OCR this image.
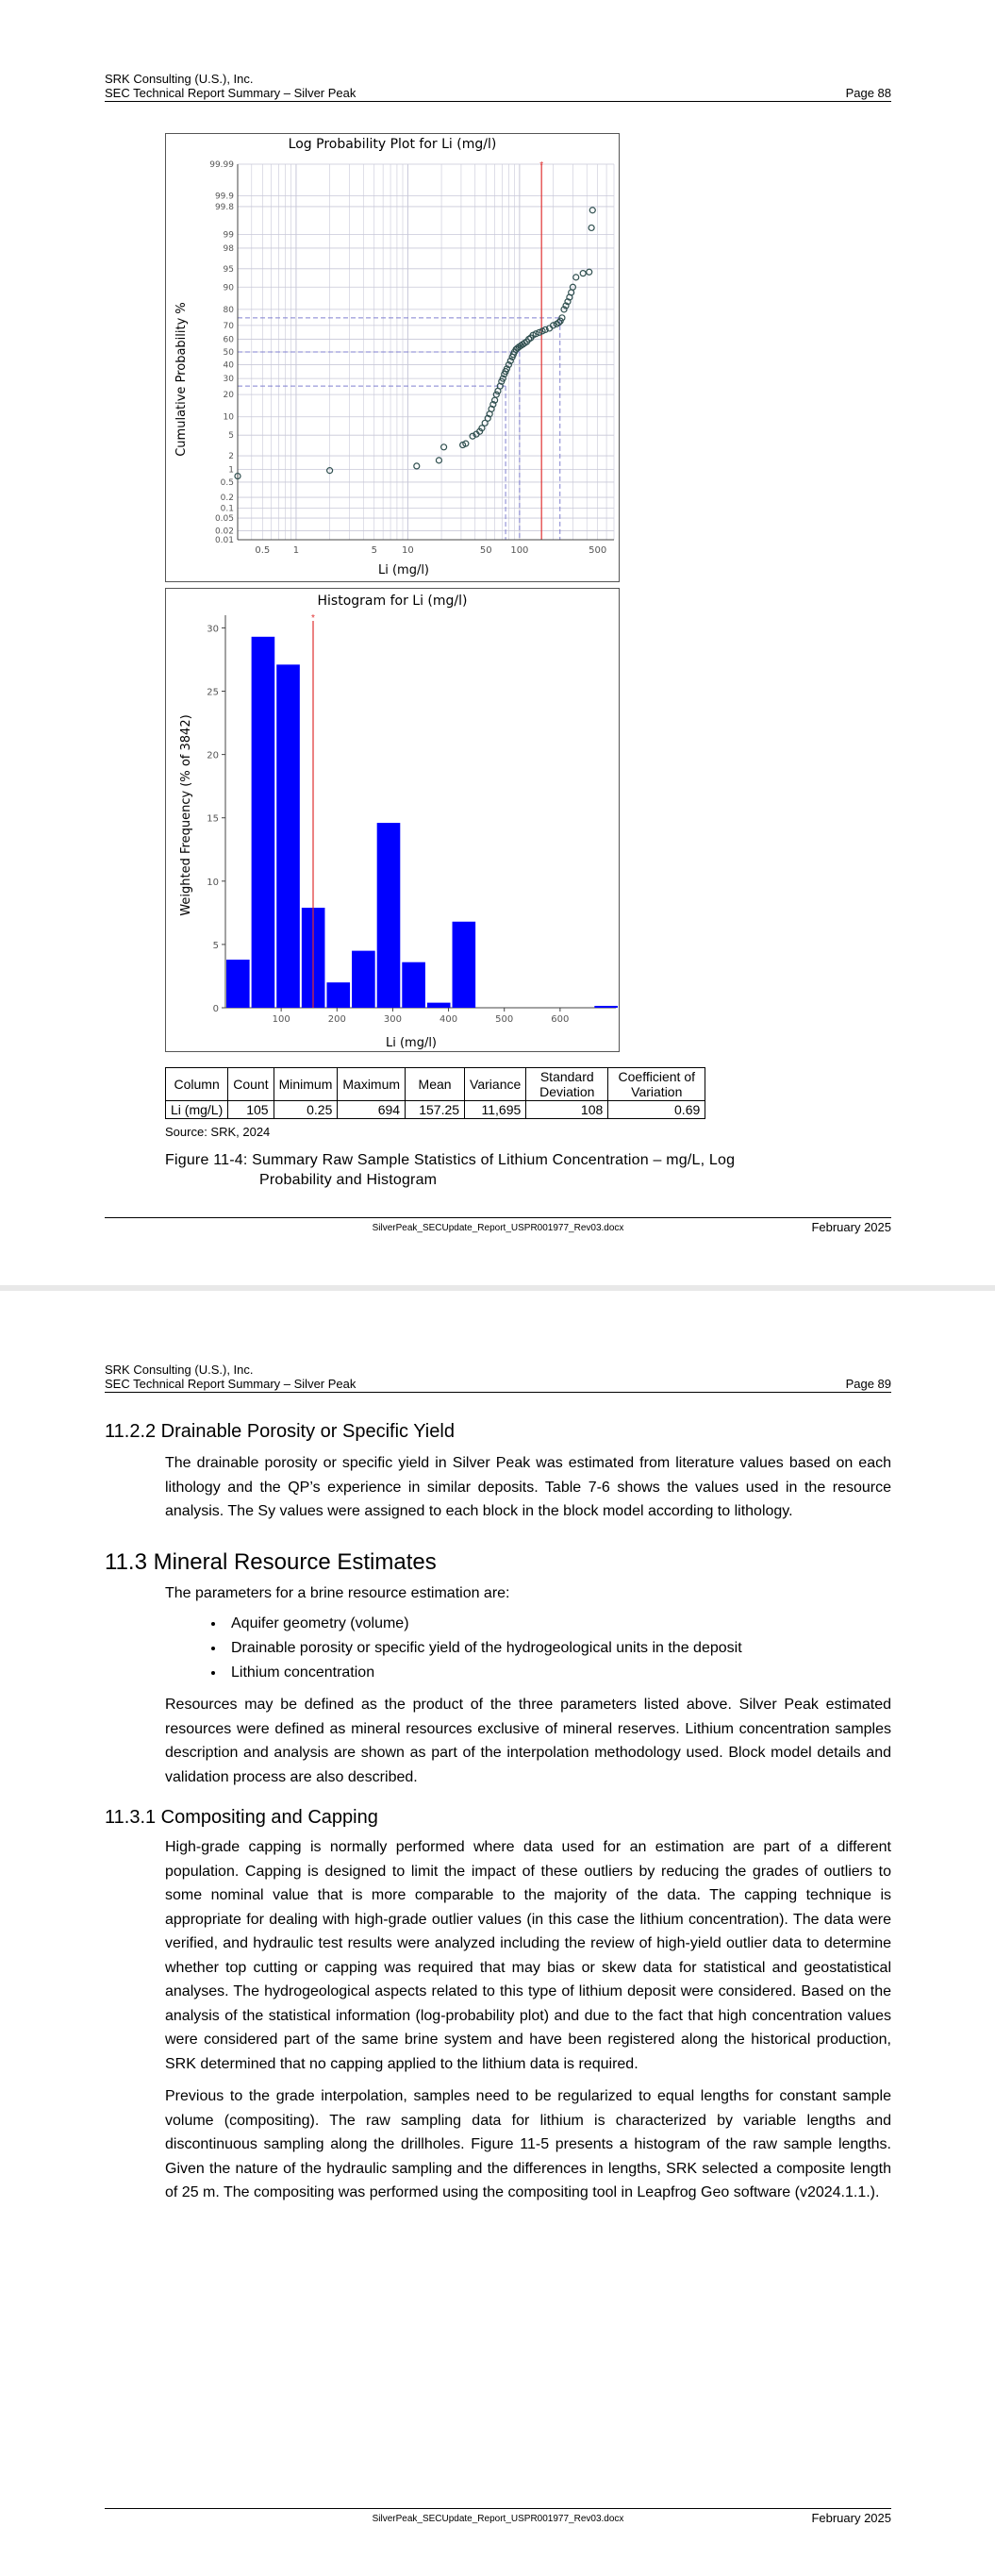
SRK Consulting (U.S.), Inc.
SEC Technical Report Summary – Silver Peak	Page 88
Log Probability Plot for Li (mg/l)
Li (mg/l)
Cumulative Probability %
0.01
0.02
0.05
0.1
0.2
0.5
1
2
5
10
20
30
40
50
60
70
80
90
95
98
99
99.8
99.9
99.99
0.5 1	5	10	50 100	500
*
Histogram for Li (mg/l)
Li (mg/l)
Weighted Frequency (% of 3842)
0
5
10
15
20
25
30
100	200	300	400	500	600
*
Column	Count	Minimum	Maximum	Mean	Variance	Standard Deviation	Coefficient of Variation
Li (mg/L)	105	0.25	694	157.25	11,695	108	0.69
Source: SRK, 2024
Figure 11-4: Summary Raw Sample Statistics of Lithium Concentration – mg/L, Log
Probability and Histogram
SilverPeak_SECUpdate_Report_USPR001977_Rev03.docx	February 2025
SRK Consulting (U.S.), Inc.
SEC Technical Report Summary – Silver Peak	Page 89
11.2.2 Drainable Porosity or Specific Yield

The drainable porosity or specific yield in Silver Peak was estimated from literature values based on each lithology and the QP’s experience in similar deposits. Table 7-6 shows the values used in the resource analysis. The Sy values were assigned to each block in the block model according to lithology.

11.3 Mineral Resource Estimates

The parameters for a brine resource estimation are:

• Aquifer geometry (volume)
• Drainable porosity or specific yield of the hydrogeological units in the deposit
• Lithium concentration

Resources may be defined as the product of the three parameters listed above. Silver Peak estimated resources were defined as mineral resources exclusive of mineral reserves. Lithium concentration samples description and analysis are shown as part of the interpolation methodology used. Block model details and validation process are also described.

11.3.1 Compositing and Capping

High-grade capping is normally performed where data used for an estimation are part of a different population. Capping is designed to limit the impact of these outliers by reducing the grades of outliers to some nominal value that is more comparable to the majority of the data. The capping technique is appropriate for dealing with high-grade outlier values (in this case the lithium concentration). The data were verified, and hydraulic test results were analyzed including the review of high-yield outlier data to determine whether top cutting or capping was required that may bias or skew data for statistical and geostatistical analyses. The hydrogeological aspects related to this type of lithium deposit were considered. Based on the analysis of the statistical information (log-probability plot) and due to the fact that high concentration values were considered part of the same brine system and have been registered along the historical production, SRK determined that no capping applied to the lithium data is required.

Previous to the grade interpolation, samples need to be regularized to equal lengths for constant sample volume (compositing). The raw sampling data for lithium is characterized by variable lengths and discontinuous sampling along the drillholes. Figure 11-5 presents a histogram of the raw sample lengths. Given the nature of the hydraulic sampling and the differences in lengths, SRK selected a composite length of 25 m. The compositing was performed using the compositing tool in Leapfrog Geo software (v2024.1.1.).

SilverPeak_SECUpdate_Report_USPR001977_Rev03.docx	February 2025
